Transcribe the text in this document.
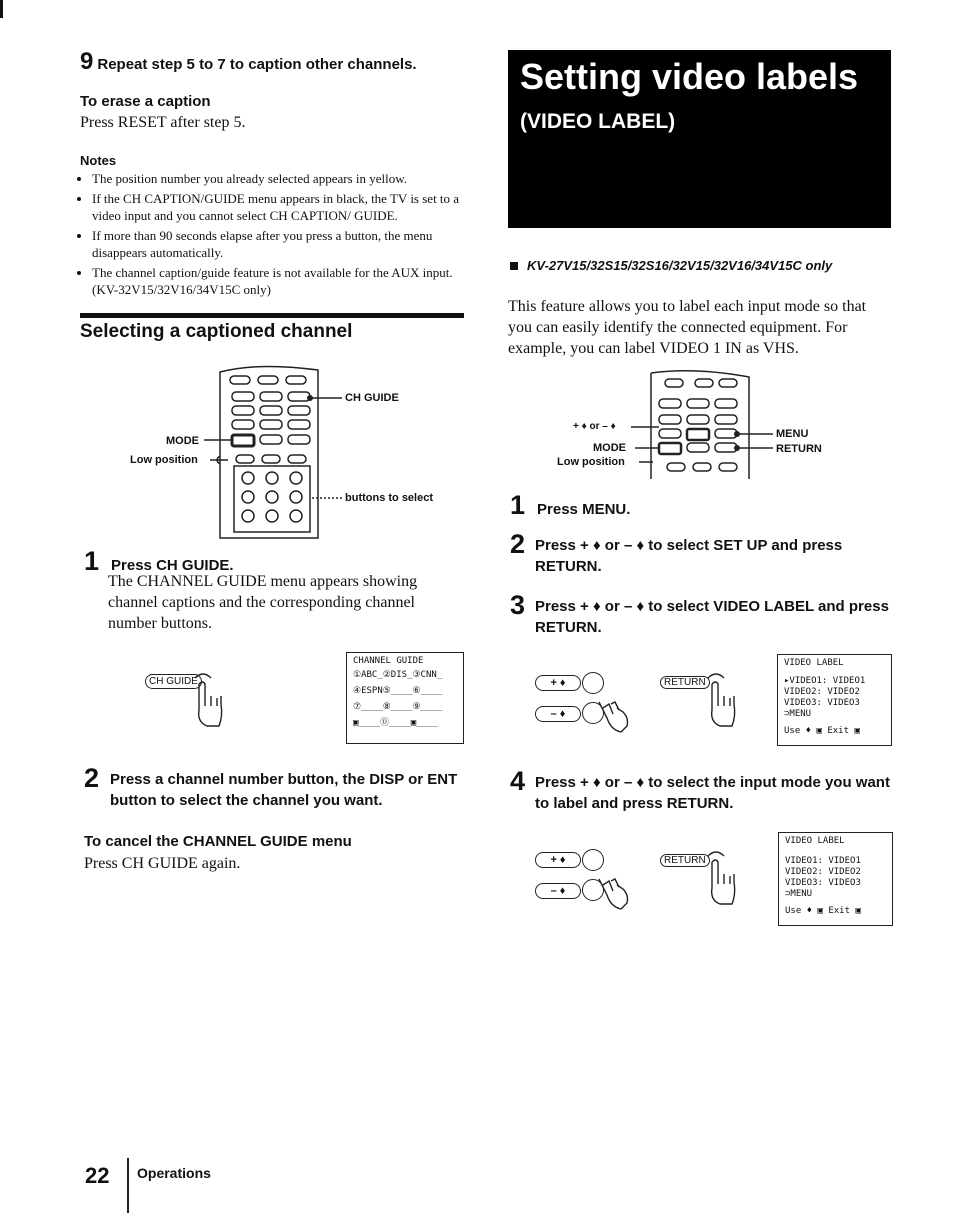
9 Repeat step 5 to 7 to caption other channels.
To erase a caption
Press RESET after step 5.
Notes
• The position number you already selected appears in yellow.
• If the CH CAPTION/GUIDE menu appears in black, the TV is set to a video input and you cannot select CH CAPTION/ GUIDE.
• If more than 90 seconds elapse after you press a button, the menu disappears automatically.
• The channel caption/guide feature is not available for the AUX input. (KV-32V15/32V16/34V15C only)
Selecting a captioned channel
CH GUIDE
MODE
Low position
buttons to select
1 Press CH GUIDE.
The CHANNEL GUIDE menu appears showing channel captions and the corresponding channel number buttons.
CH GUIDE
CHANNEL GUIDE
①ABC_②DIS_③CNN_
④ESPN⑤____⑥____
⑦____⑧____⑨____
▣____⓪____▣____
2 Press a channel number button, the DISP or ENT button to select the channel you want.
To cancel the CHANNEL GUIDE menu
Press CH GUIDE again.
Setting video labels
(VIDEO LABEL)
KV-27V15/32S15/32S16/32V15/32V16/34V15C only
This feature allows you to label each input mode so that you can easily identify the connected equipment. For example, you can label VIDEO 1 IN as VHS.
+ ♦ or – ♦
MODE
Low position
MENU
RETURN
1 Press MENU.
2 Press + ♦ or – ♦ to select SET UP and press RETURN.
3 Press + ♦ or – ♦ to select VIDEO LABEL and press RETURN.
+ ♦
– ♦
RETURN
VIDEO LABEL
▸VIDEO1: VIDEO1
VIDEO2: VIDEO2
VIDEO3: VIDEO3
⊃MENU
Use ♦ ▣ Exit ▣
4 Press + ♦ or – ♦ to select the input mode you want to label and press RETURN.
+ ♦
– ♦
RETURN
VIDEO LABEL
VIDEO1: VIDEO1
VIDEO2: VIDEO2
VIDEO3: VIDEO3
⊃MENU
Use ♦ ▣ Exit ▣
22 Operations
